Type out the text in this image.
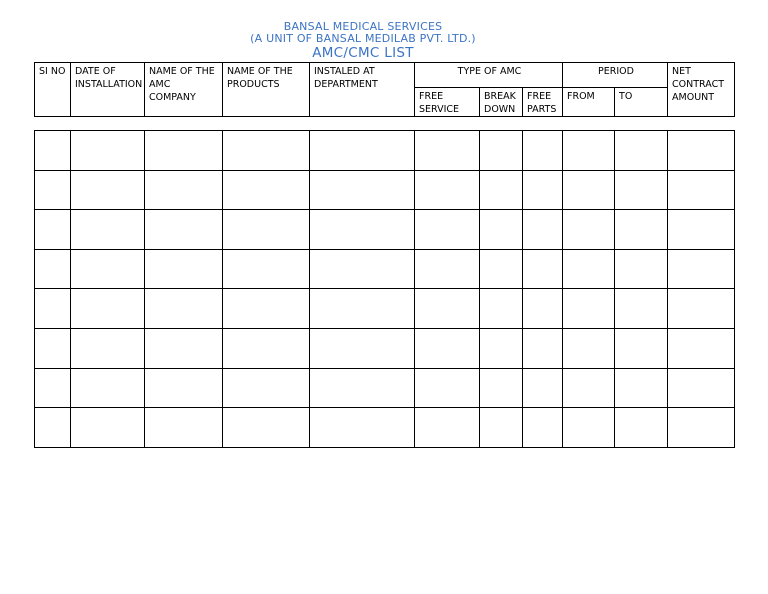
BANSAL MEDICAL SERVICES
(A UNIT OF BANSAL MEDILAB PVT. LTD.)
AMC/CMC LIST
SI NO	DATE OF INSTALLATION	NAME OF THE AMC COMPANY	NAME OF THE PRODUCTS	INSTALED AT DEPARTMENT	TYPE OF AMC			PERIOD		NET CONTRACT AMOUNT
					FREE SERVICE	BREAK DOWN	FREE PARTS	FROM	TO	
